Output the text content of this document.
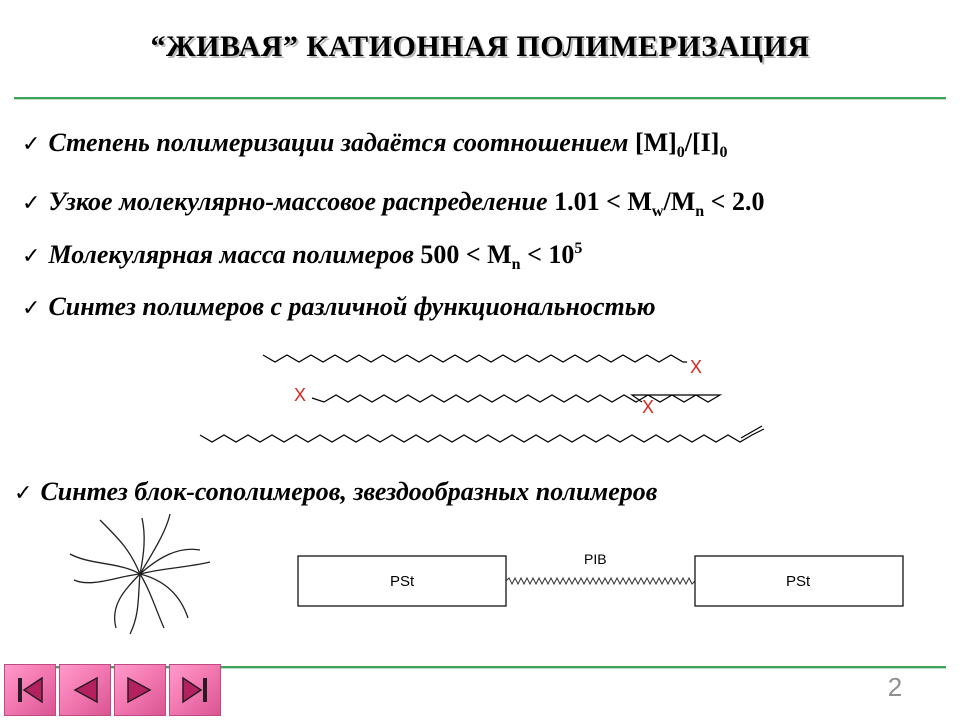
“ЖИВАЯ” КАТИОННАЯ ПОЛИМЕРИЗАЦИЯ
✓ Степень полимеризации задаётся соотношением $[M]_0/[I]_0$
✓ Узкое молекулярно-массовое распределение $1.01 < M_w/M_n < 2.0$
✓ Молекулярная масса полимеров $500 < M_n < 10^5$
✓ Синтез полимеров с различной функциональностью
X
X
X
✓ Синтез блок-сополимеров, звездообразных полимеров
PSt
PIB
PSt
2
